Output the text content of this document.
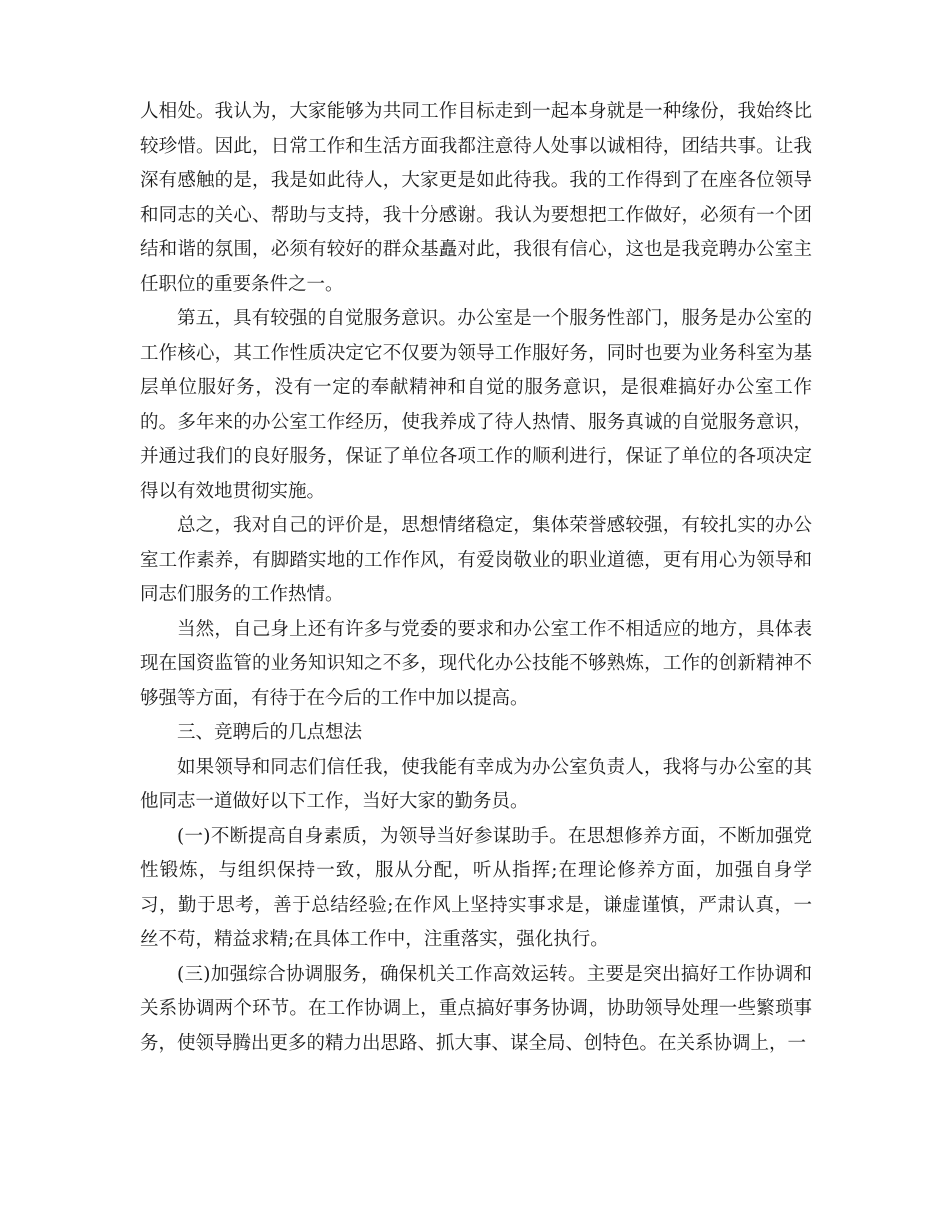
人相处。我认为，大家能够为共同工作目标走到一起本身就是一种缘份，我始终比较珍惜。因此，日常工作和生活方面我都注意待人处事以诚相待，团结共事。让我深有感触的是，我是如此待人，大家更是如此待我。我的工作得到了在座各位领导和同志的关心、帮助与支持，我十分感谢。我认为要想把工作做好，必须有一个团结和谐的氛围，必须有较好的群众基矗对此，我很有信心，这也是我竞聘办公室主任职位的重要条件之一。

第五，具有较强的自觉服务意识。办公室是一个服务性部门，服务是办公室的工作核心，其工作性质决定它不仅要为领导工作服好务，同时也要为业务科室为基层单位服好务，没有一定的奉献精神和自觉的服务意识，是很难搞好办公室工作的。多年来的办公室工作经历，使我养成了待人热情、服务真诚的自觉服务意识，并通过我们的良好服务，保证了单位各项工作的顺利进行，保证了单位的各项决定得以有效地贯彻实施。

总之，我对自己的评价是，思想情绪稳定，集体荣誉感较强，有较扎实的办公室工作素养，有脚踏实地的工作作风，有爱岗敬业的职业道德，更有用心为领导和同志们服务的工作热情。

当然，自己身上还有许多与党委的要求和办公室工作不相适应的地方，具体表现在国资监管的业务知识知之不多，现代化办公技能不够熟炼，工作的创新精神不够强等方面，有待于在今后的工作中加以提高。

三、竞聘后的几点想法

如果领导和同志们信任我，使我能有幸成为办公室负责人，我将与办公室的其他同志一道做好以下工作，当好大家的勤务员。

(一)不断提高自身素质，为领导当好参谋助手。在思想修养方面，不断加强党性锻炼，与组织保持一致，服从分配，听从指挥;在理论修养方面，加强自身学习，勤于思考，善于总结经验;在作风上坚持实事求是，谦虚谨慎，严肃认真，一丝不苟，精益求精;在具体工作中，注重落实，强化执行。

(三)加强综合协调服务，确保机关工作高效运转。主要是突出搞好工作协调和关系协调两个环节。在工作协调上，重点搞好事务协调，协助领导处理一些繁琐事务，使领导腾出更多的精力出思路、抓大事、谋全局、创特色。在关系协调上，一
